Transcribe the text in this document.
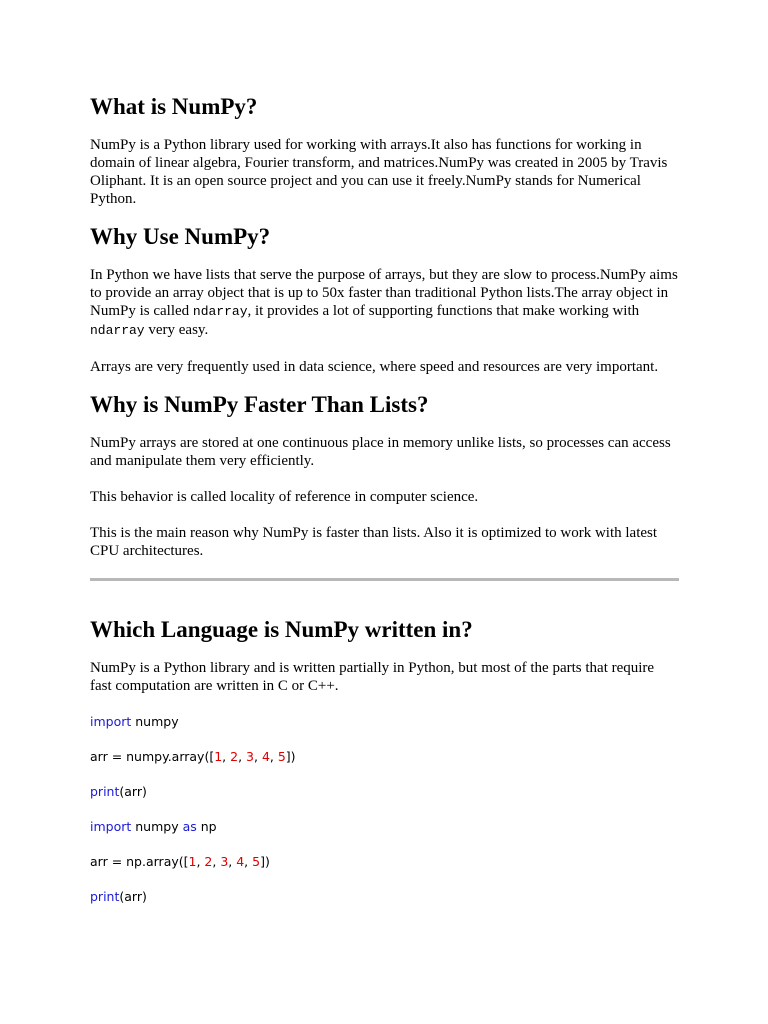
What is NumPy?

NumPy is a Python library used for working with arrays.It also has functions for working in domain of linear algebra, Fourier transform, and matrices.NumPy was created in 2005 by Travis Oliphant. It is an open source project and you can use it freely.NumPy stands for Numerical Python.

Why Use NumPy?

In Python we have lists that serve the purpose of arrays, but they are slow to process.NumPy aims to provide an array object that is up to 50x faster than traditional Python lists.The array object in NumPy is called ndarray, it provides a lot of supporting functions that make working with ndarray very easy.

Arrays are very frequently used in data science, where speed and resources are very important.

Why is NumPy Faster Than Lists?

NumPy arrays are stored at one continuous place in memory unlike lists, so processes can access and manipulate them very efficiently.

This behavior is called locality of reference in computer science.

This is the main reason why NumPy is faster than lists. Also it is optimized to work with latest CPU architectures.

Which Language is NumPy written in?

NumPy is a Python library and is written partially in Python, but most of the parts that require fast computation are written in C or C++.

import numpy
arr = numpy.array([1, 2, 3, 4, 5])
print(arr)
import numpy as np
arr = np.array([1, 2, 3, 4, 5])
print(arr)
